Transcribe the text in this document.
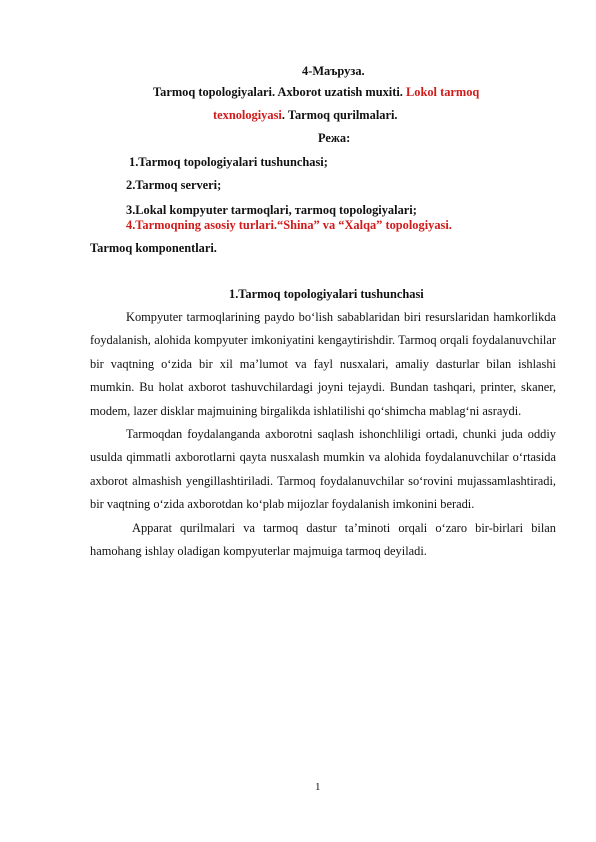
4-Маъруза.
Tarmoq topologiyalari. Axborot uzatish muxiti. Lokol tarmoq
texnologiyasi. Tarmoq qurilmalari.
Режа:
1.Tarmoq topologiyalari tushunchasi;
2.Tarmoq serveri;
3.Lokal kompyuter tarmoqlari, тarmoq topologiyalari;
4.Tarmoqning asosiy turlari.“Shina” va “Xalqa” topologiyasi.
Tarmoq komponentlari.
1.Tarmoq topologiyalari tushunchasi

Kompyuter tarmoqlarining paydo bo‘lish sabablaridan biri resurslaridan hamkorlikda foydalanish, alohida kompyuter imkoniyatini kengaytirishdir. Tarmoq orqali foydalanuvchilar bir vaqtning o‘zida bir xil ma’lumot va fayl nusxalari, amaliy dasturlar bilan ishlashi mumkin. Bu holat axborot tashuvchilardagi joyni tejaydi. Bundan tashqari, printer, skaner, modem, lazer disklar majmuining birgalikda ishlatilishi qo‘shimcha mablag‘ni asraydi.

Tarmoqdan foydalanganda axborotni saqlash ishonchliligi ortadi, chunki juda oddiy usulda qimmatli axborotlarni qayta nusxalash mumkin va alohida foydalanuvchilar o‘rtasida axborot almashish yengillashtiriladi. Tarmoq foydalanuvchilar so‘rovini mujassamlashtiradi, bir vaqtning o‘zida axborotdan ko‘plab mijozlar foydalanish imkonini beradi.

Apparat qurilmalari va tarmoq dastur ta’minoti orqali o‘zaro bir-birlari bilan hamohang ishlay oladigan kompyuterlar majmuiga tarmoq deyiladi.

1
